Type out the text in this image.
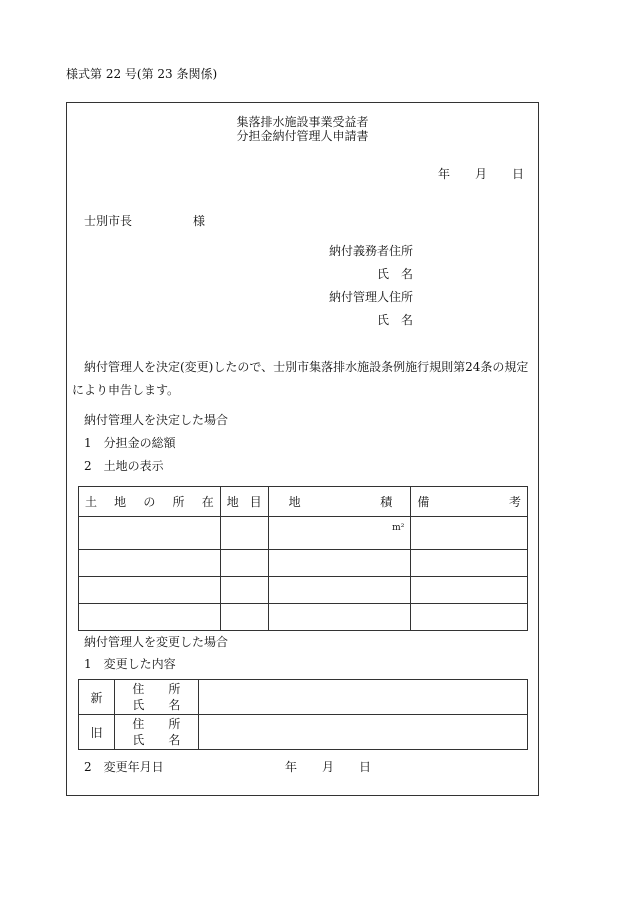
様式第 22 号(第 23 条関係)
集落排水施設事業受益者
分担金納付管理人申請書
年 月 日
士別市長	様
納付義務者住所
氏 名
納付管理人住所
氏 名
納付管理人を決定(変更)したので、士別市集落排水施設条例施行規則第24条の規定
により申告します。
納付管理人を決定した場合
1　分担金の総額
2　土地の表示
土 地 の 所 在	地 目	地 積	備 考

		m²	

納付管理人を変更した場合
1　変更した内容
新	住 所
氏 名	

旧	住 所
氏 名	

2　変更年月日	年 月 日
